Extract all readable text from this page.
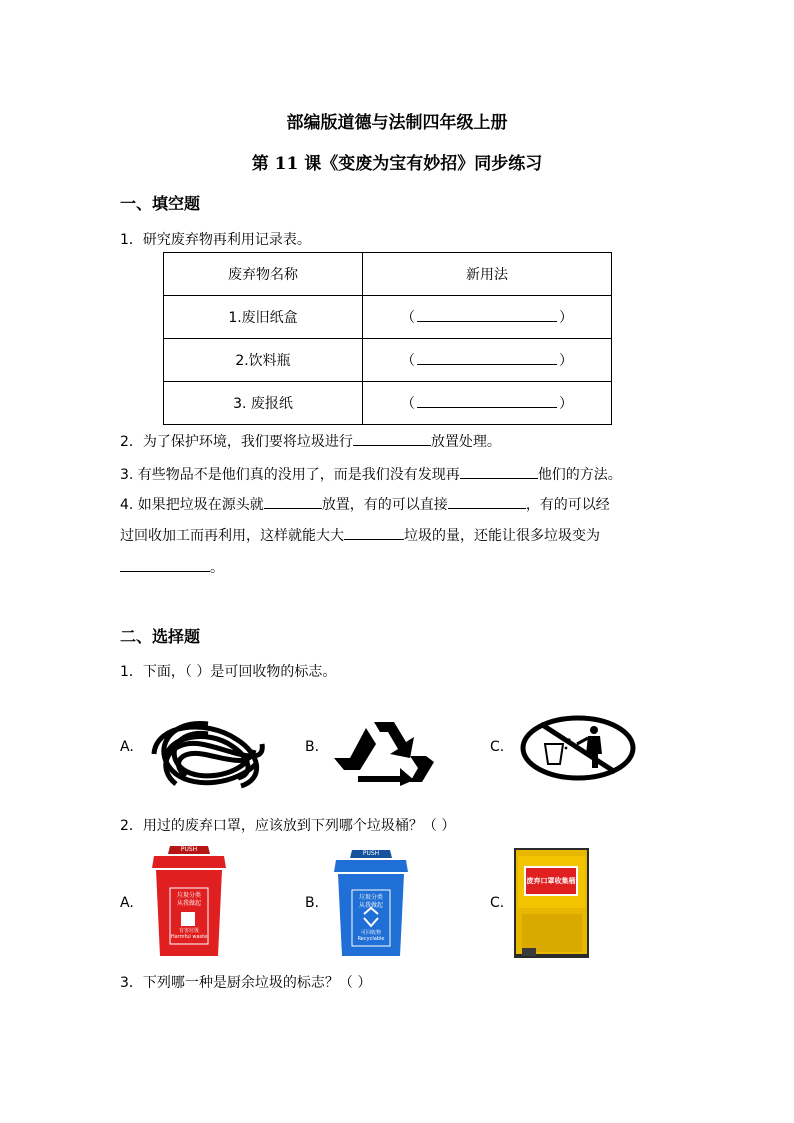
部编版道德与法制四年级上册
第 11 课《变废为宝有妙招》同步练习
一、填空题
1．研究废弃物再利用记录表。
废弃物名称	新用法
1.废旧纸盒	（ ）
2.饮料瓶	（ ）
3. 废报纸	（ ）
2．为了保护环境，我们要将垃圾进行	放置处理。
3. 有些物品不是他们真的没用了，而是我们没有发现再	他们的方法。
4. 如果把垃圾在源头就	放置，有的可以直接	，有的可以经
过回收加工而再利用，这样就能大大	垃圾的量，还能让很多垃圾变为
。
二、选择题
1．下面，（ ）是可回收物的标志。
A.	B.	C.
2．用过的废弃口罩，应该放到下列哪个垃圾桶？（ ）
A.
PUSH
垃圾分类
从我做起
有害垃圾
Harmful waste
B.
PUSH
垃圾分类
从我做起
可回收物
Recyclable
C.
废弃口罩收集桶
3．下列哪一种是厨余垃圾的标志？（ ）
